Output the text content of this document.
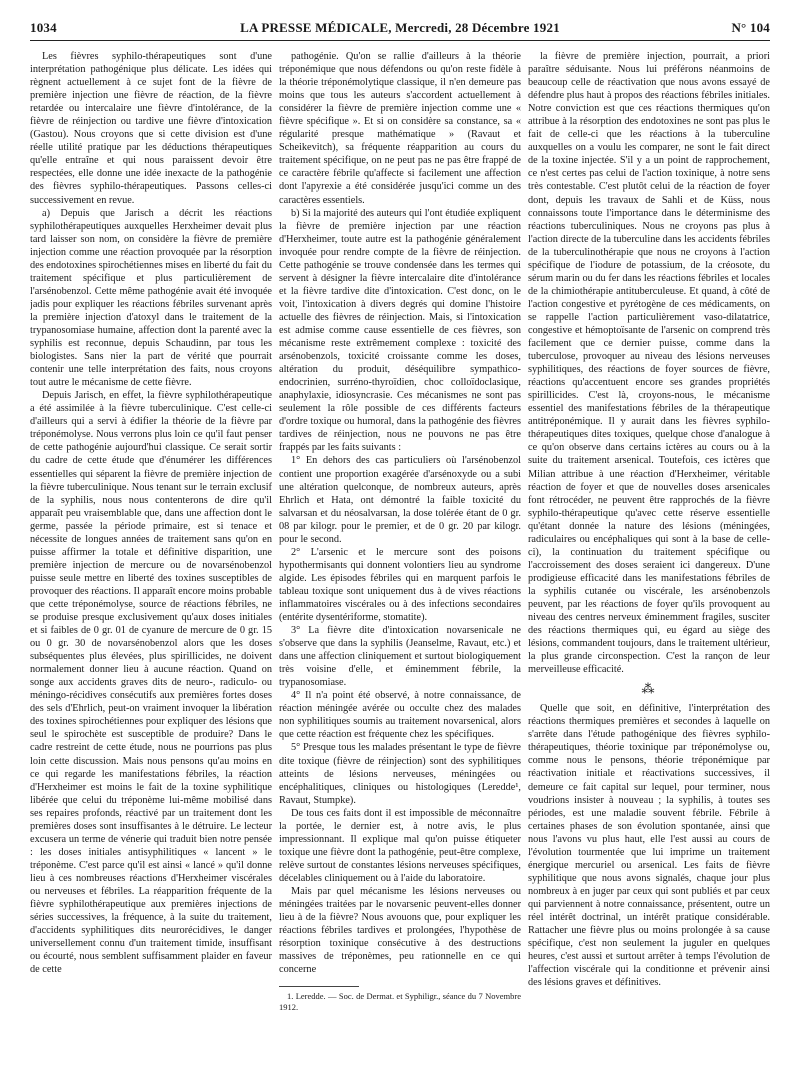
1034	LA PRESSE MÉDICALE, Mercredi, 28 Décembre 1921	N° 104

Les fièvres syphilo-thérapeutiques sont d'une interprétation pathogénique plus délicate. Les idées qui règnent actuellement à ce sujet font de la fièvre de première injection une fièvre de réaction, de la fièvre retardée ou intercalaire une fièvre d'intolérance, de la fièvre de réinjection ou tardive une fièvre d'intoxication (Gastou). Nous croyons que si cette division est d'une réelle utilité pratique par les déductions thérapeutiques qu'elle entraîne et qui nous paraissent devoir être respectées, elle donne une idée inexacte de la pathogénie des fièvres syphilo-thérapeutiques. Passons celles-ci successivement en revue.

a) Depuis que Jarisch a décrit les réactions syphilothérapeutiques auxquelles Herxheimer devait plus tard laisser son nom, on considère la fièvre de première injection comme une réaction provoquée par la résorption des endotoxines spirochétiennes mises en liberté du fait du traitement spécifique et plus particulièrement de l'arsénobenzol. Cette même pathogénie avait été invoquée jadis pour expliquer les réactions fébriles survenant après la première injection d'atoxyl dans le traitement de la trypanosomiase humaine, affection dont la parenté avec la syphilis est reconnue, depuis Schaudinn, par tous les biologistes. Sans nier la part de vérité que pourrait contenir une telle interprétation des faits, nous croyons tout autre le mécanisme de cette fièvre.

Depuis Jarisch, en effet, la fièvre syphilothérapeutique a été assimilée à la fièvre tuberculinique. C'est celle-ci d'ailleurs qui a servi à édifier la théorie de la fièvre par tréponémolyse. Nous verrons plus loin ce qu'il faut penser de cette pathogénie aujourd'hui classique. Ce serait sortir du cadre de cette étude que d'énumérer les différences essentielles qui séparent la fièvre de première injection de la fièvre tuberculinique. Nous tenant sur le terrain exclusif de la syphilis, nous nous contenterons de dire qu'il apparaît peu vraisemblable que, dans une affection dont le germe, passée la période primaire, est si tenace et nécessite de longues années de traitement sans qu'on en puisse affirmer la totale et définitive disparition, une première injection de mercure ou de novarsénobenzol puisse seule mettre en liberté des toxines susceptibles de provoquer des réactions. Il apparaît encore moins probable que cette tréponémolyse, source de réactions fébriles, ne se produise presque exclusivement qu'aux doses initiales et si faibles de 0 gr. 01 de cyanure de mercure de 0 gr. 15 ou 0 gr. 30 de novarsénobenzol alors que les doses subséquentes plus élevées, plus spirillicides, ne doivent normalement donner lieu à aucune réaction. Quand on songe aux accidents graves dits de neuro-, radiculo- ou méningo-récidives consécutifs aux premières fortes doses des sels d'Ehrlich, peut-on vraiment invoquer la libération des toxines spirochétiennes pour expliquer des lésions que seul le spirochète est susceptible de produire? Dans le cadre restreint de cette étude, nous ne pourrions pas plus loin cette discussion. Mais nous pensons qu'au moins en ce qui regarde les manifestations fébriles, la réaction d'Herxheimer est moins le fait de la toxine syphilitique libérée que celui du tréponème lui-même mobilisé dans ses repaires profonds, réactivé par un traitement dont les premières doses sont insuffisantes à le détruire. Le lecteur excusera un terme de vénerie qui traduit bien notre pensée : les doses initiales antisyphilitiques « lancent » le tréponème. C'est parce qu'il est ainsi « lancé » qu'il donne lieu à ces nombreuses réactions d'Herxheimer viscérales ou nerveuses et fébriles. La réapparition fréquente de la fièvre syphilothérapeutique aux premières injections de séries successives, la fréquence, à la suite du traitement, d'accidents syphilitiques dits neurorécidives, le danger universellement connu d'un traitement timide, insuffisant ou écourté, nous semblent suffisamment plaider en faveur de cette

pathogénie. Qu'on se rallie d'ailleurs à la théorie tréponémique que nous défendons ou qu'on reste fidèle à la théorie tréponémolytique classique, il n'en demeure pas moins que tous les auteurs s'accordent actuellement à considérer la fièvre de première injection comme une « fièvre spécifique ». Et si on considère sa constance, sa « régularité presque mathématique » (Ravaut et Scheikevitch), sa fréquente réapparition au cours du traitement spécifique, on ne peut pas ne pas être frappé de ce caractère fébrile qu'affecte si facilement une affection dont l'apyrexie a été considérée jusqu'ici comme un des caractères essentiels.

b) Si la majorité des auteurs qui l'ont étudiée expliquent la fièvre de première injection par une réaction d'Herxheimer, toute autre est la pathogénie généralement invoquée pour rendre compte de la fièvre de réinjection. Cette pathogénie se trouve condensée dans les termes qui servent à désigner la fièvre intercalaire dite d'intolérance et la fièvre tardive dite d'intoxication. C'est donc, on le voit, l'intoxication à divers degrés qui domine l'histoire actuelle des fièvres de réinjection. Mais, si l'intoxication est admise comme cause essentielle de ces fièvres, son mécanisme reste extrêmement complexe : toxicité des arsénobenzols, toxicité croissante comme les doses, altération du produit, déséquilibre sympathico-endocrinien, surréno-thyroïdien, choc colloïdoclasique, anaphylaxie, idiosyncrasie. Ces mécanismes ne sont pas seulement la rôle possible de ces différents facteurs d'ordre toxique ou humoral, dans la pathogénie des fièvres tardives de réinjection, nous ne pouvons ne pas être frappés par les faits suivants :

1° En dehors des cas particuliers où l'arsénobenzol contient une proportion exagérée d'arsénoxyde ou a subi une altération quelconque, de nombreux auteurs, après Ehrlich et Hata, ont démontré la faible toxicité du salvarsan et du néosalvarsan, la dose tolérée étant de 0 gr. 08 par kilogr. pour le premier, et de 0 gr. 20 par kilogr. pour le second.

2° L'arsenic et le mercure sont des poisons hypothermisants qui donnent volontiers lieu au syndrome algide. Les épisodes fébriles qui en marquent parfois le tableau toxique sont uniquement dus à de vives réactions inflammatoires viscérales ou à des infections secondaires (entérite dysentériforme, stomatite).

3° La fièvre dite d'intoxication novarsenicale ne s'observe que dans la syphilis (Jeanselme, Ravaut, etc.) et dans une affection cliniquement et surtout biologiquement très voisine d'elle, et éminemment fébrile, la trypanosomiase.

4° Il n'a point été observé, à notre connaissance, de réaction méningée avérée ou occulte chez des malades non syphilitiques soumis au traitement novarsenical, alors que cette réaction est fréquente chez les spécifiques.

5° Presque tous les malades présentant le type de fièvre dite toxique (fièvre de réinjection) sont des syphilitiques atteints de lésions nerveuses, méningées ou encéphalitiques, cliniques ou histologiques (Leredde¹, Ravaut, Stumpke).

De tous ces faits dont il est impossible de méconnaître la portée, le dernier est, à notre avis, le plus impressionnant. Il explique mal qu'on puisse étiqueter toxique une fièvre dont la pathogénie, peut-être complexe, relève surtout de constantes lésions nerveuses spécifiques, décelables cliniquement ou à l'aide du laboratoire.

Mais par quel mécanisme les lésions nerveuses ou méningées traitées par le novarsenic peuvent-elles donner lieu à de la fièvre? Nous avouons que, pour expliquer les réactions fébriles tardives et prolongées, l'hypothèse de résorption toxinique consécutive à des destructions massives de tréponèmes, peu rationnelle en ce qui concerne

1. Leredde. — Soc. de Dermat. et Syphiligr., séance du 7 Novembre 1912.

la fièvre de première injection, pourrait, a priori paraître séduisante. Nous lui préférons néanmoins de beaucoup celle de réactivation que nous avons essayé de défendre plus haut à propos des réactions fébriles initiales. Notre conviction est que ces réactions thermiques qu'on attribue à la résorption des endotoxines ne sont pas plus le fait de celle-ci que les réactions à la tuberculine auxquelles on a voulu les comparer, ne sont le fait direct de la toxine injectée. S'il y a un point de rapprochement, ce n'est certes pas celui de l'action toxinique, à notre sens très contestable. C'est plutôt celui de la réaction de foyer dont, depuis les travaux de Sahli et de Küss, nous connaissons toute l'importance dans le déterminisme des réactions tuberculiniques. Nous ne croyons pas plus à l'action directe de la tuberculine dans les accidents fébriles de la tuberculinothérapie que nous ne croyons à l'action spécifique de l'iodure de potassium, de la créosote, du sérum marin ou du fer dans les réactions fébriles et locales de la chimiothérapie antituberculeuse. Et quand, à côté de l'action congestive et pyrétogène de ces médicaments, on se rappelle l'action particulièrement vaso-dilatatrice, congestive et hémoptoïsante de l'arsenic on comprend très facilement que ce dernier puisse, comme dans la tuberculose, provoquer au niveau des lésions nerveuses syphilitiques, des réactions de foyer sources de fièvre, réactions qu'accentuent encore ses grandes propriétés spirillicides. C'est là, croyons-nous, le mécanisme essentiel des manifestations fébriles de la thérapeutique antitréponémique. Il y aurait dans les fièvres syphilo-thérapeutiques dites toxiques, quelque chose d'analogue à ce qu'on observe dans certains ictères au cours ou à la suite du traitement arsenical. Toutefois, ces ictères que Milian attribue à une réaction d'Herxheimer, véritable réaction de foyer et que de nouvelles doses arsenicales font rétrocéder, ne peuvent être rapprochés de la fièvre syphilo-thérapeutique qu'avec cette réserve essentielle qu'étant donnée la nature des lésions (méningées, radiculaires ou encéphaliques qui sont à la base de celle-ci), la continuation du traitement spécifique ou l'accroissement des doses seraient ici dangereux. D'une prodigieuse efficacité dans les manifestations fébriles de la syphilis cutanée ou viscérale, les arsénobenzols peuvent, par les réactions de foyer qu'ils provoquent au niveau des centres nerveux éminemment fragiles, susciter des réactions thermiques qui, eu égard au siège des lésions, commandent toujours, dans le traitement ultérieur, la plus grande circonspection. C'est la rançon de leur merveilleuse efficacité.

⁂

Quelle que soit, en définitive, l'interprétation des réactions thermiques premières et secondes à laquelle on s'arrête dans l'étude pathogénique des fièvres syphilo-thérapeutiques, théorie toxinique par tréponémolyse ou, comme nous le pensons, théorie tréponémique par réactivation initiale et réactivations successives, il demeure ce fait capital sur lequel, pour terminer, nous voudrions insister à nouveau ; la syphilis, à toutes ses périodes, est une maladie souvent fébrile. Fébrile à certaines phases de son évolution spontanée, ainsi que nous l'avons vu plus haut, elle l'est aussi au cours de l'évolution tourmentée que lui imprime un traitement énergique mercuriel ou arsenical. Les faits de fièvre syphilitique que nous avons signalés, chaque jour plus nombreux à en juger par ceux qui sont publiés et par ceux qui parviennent à notre connaissance, présentent, outre un réel intérêt doctrinal, un intérêt pratique considérable. Rattacher une fièvre plus ou moins prolongée à sa cause spécifique, c'est non seulement la juguler en quelques heures, c'est aussi et surtout arrêter à temps l'évolution de l'affection viscérale qui la conditionne et prévenir ainsi des lésions graves et définitives.
